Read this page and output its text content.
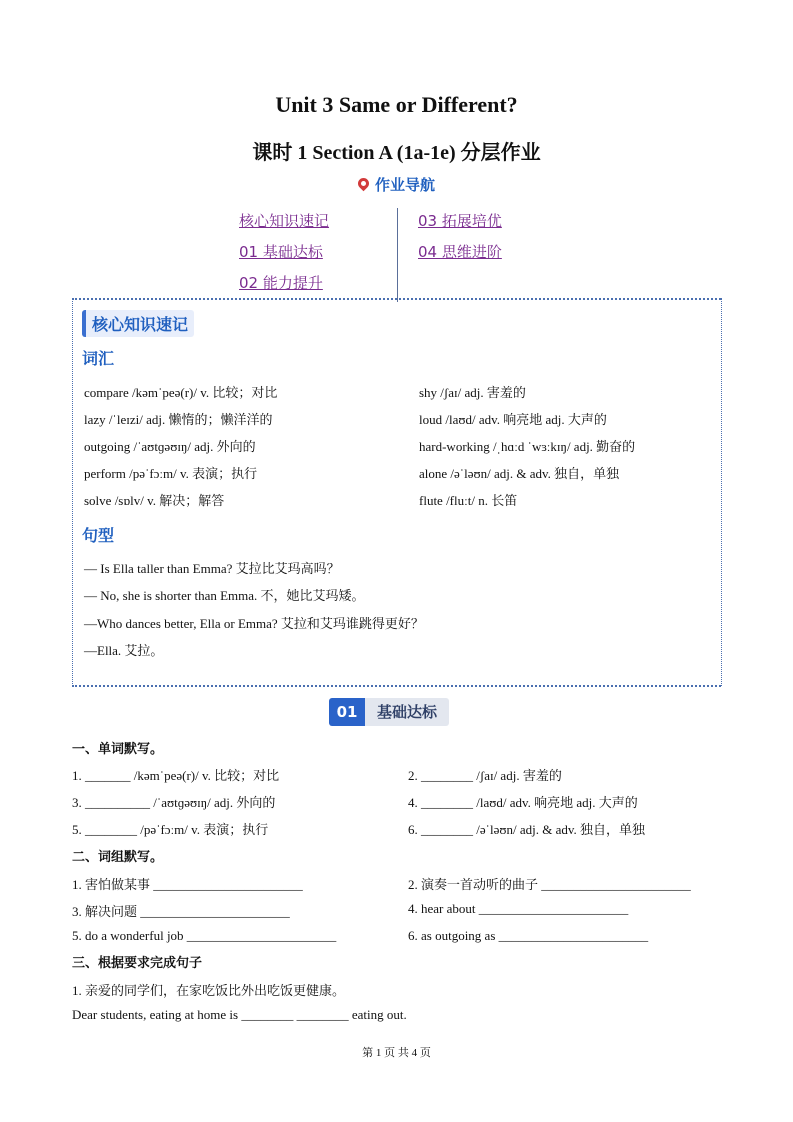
Unit 3 Same or Different?
课时 1 Section A (1a-1e) 分层作业
作业导航
核心知识速记
01 基础达标
02 能力提升
03 拓展培优
04 思维进阶
核心知识速记
词汇
compare /kəmˈpeə(r)/ v. 比较；对比	shy /ʃaɪ/ adj. 害羞的
lazy /ˈleɪzi/ adj. 懒惰的；懒洋洋的	loud /laʊd/ adv. 响亮地 adj. 大声的
outgoing /ˈaʊtɡəʊɪŋ/ adj. 外向的	hard-working /ˌhɑːd ˈwɜːkɪŋ/ adj. 勤奋的
perform /pəˈfɔːm/ v. 表演；执行	alone /əˈləʊn/ adj. & adv. 独自，单独
solve /sɒlv/ v. 解决；解答	flute /fluːt/ n. 长笛
句型
— Is Ella taller than Emma? 艾拉比艾玛高吗？
— No, she is shorter than Emma. 不，她比艾玛矮。
—Who dances better, Ella or Emma? 艾拉和艾玛谁跳得更好？
—Ella. 艾拉。
01	基础达标
一、单词默写。
1. _______ /kəmˈpeə(r)/ v. 比较；对比	2. ________ /ʃaɪ/ adj. 害羞的
3. __________ /ˈaʊtɡəʊɪŋ/ adj. 外向的	4. ________ /laʊd/ adv. 响亮地 adj. 大声的
5. ________ /pəˈfɔːm/ v. 表演；执行	6. ________ /əˈləʊn/ adj. & adv. 独自，单独
二、词组默写。
1. 害怕做某事 _______________________	2. 演奏一首动听的曲子 _______________________
3. 解决问题 _______________________	4. hear about _______________________
5. do a wonderful job _______________________	6. as outgoing as _______________________
三、根据要求完成句子
1. 亲爱的同学们，在家吃饭比外出吃饭更健康。
Dear students, eating at home is ________ ________ eating out.
第 1 页 共 4 页
